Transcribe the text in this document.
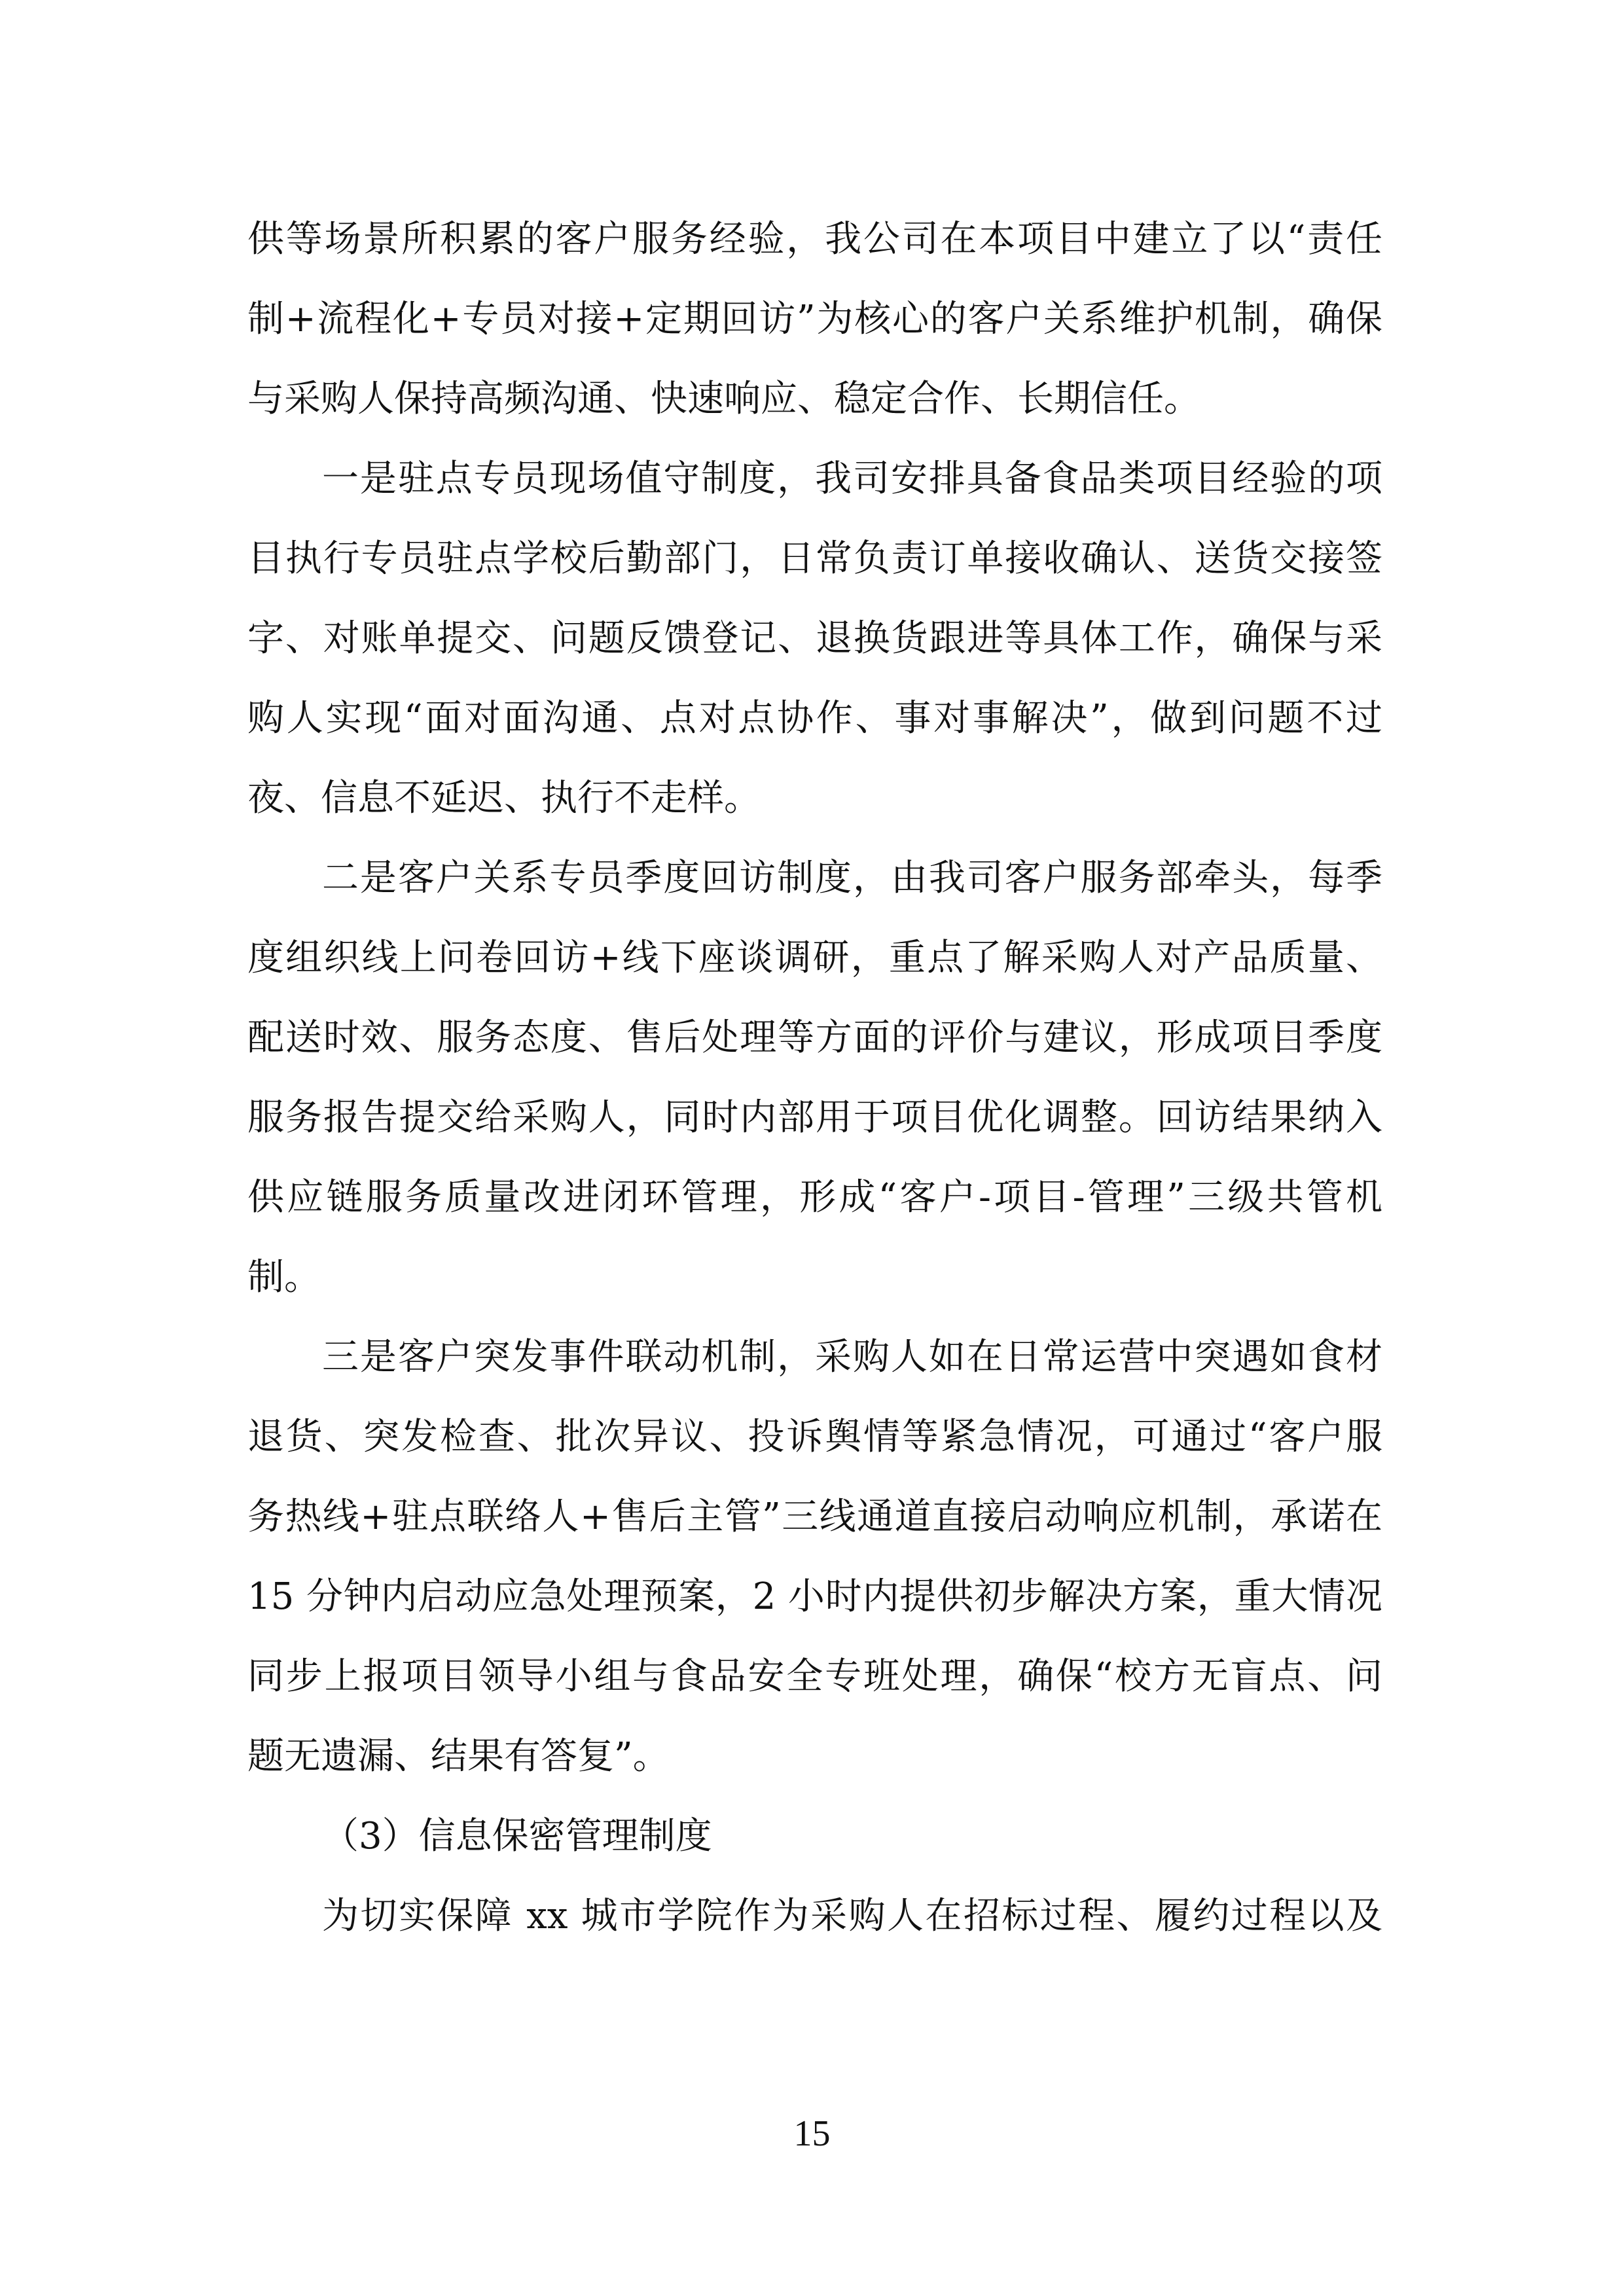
供等场景所积累的客户服务经验，我公司在本项目中建立了以“责任
制+流程化+专员对接+定期回访”为核心的客户关系维护机制，确保
与采购人保持高频沟通、快速响应、稳定合作、长期信任。
一是驻点专员现场值守制度，我司安排具备食品类项目经验的项
目执行专员驻点学校后勤部门，日常负责订单接收确认、送货交接签
字、对账单提交、问题反馈登记、退换货跟进等具体工作，确保与采
购人实现“面对面沟通、点对点协作、事对事解决”，做到问题不过
夜、信息不延迟、执行不走样。
二是客户关系专员季度回访制度，由我司客户服务部牵头，每季
度组织线上问卷回访+线下座谈调研，重点了解采购人对产品质量、
配送时效、服务态度、售后处理等方面的评价与建议，形成项目季度
服务报告提交给采购人，同时内部用于项目优化调整。回访结果纳入
供应链服务质量改进闭环管理，形成“客户-项目-管理”三级共管机
制。
三是客户突发事件联动机制，采购人如在日常运营中突遇如食材
退货、突发检查、批次异议、投诉舆情等紧急情况，可通过“客户服
务热线+驻点联络人+售后主管”三线通道直接启动响应机制，承诺在
15 分钟内启动应急处理预案，2 小时内提供初步解决方案，重大情况
同步上报项目领导小组与食品安全专班处理，确保“校方无盲点、问
题无遗漏、结果有答复”。
（3）信息保密管理制度
为切实保障 xx 城市学院作为采购人在招标过程、履约过程以及
15
